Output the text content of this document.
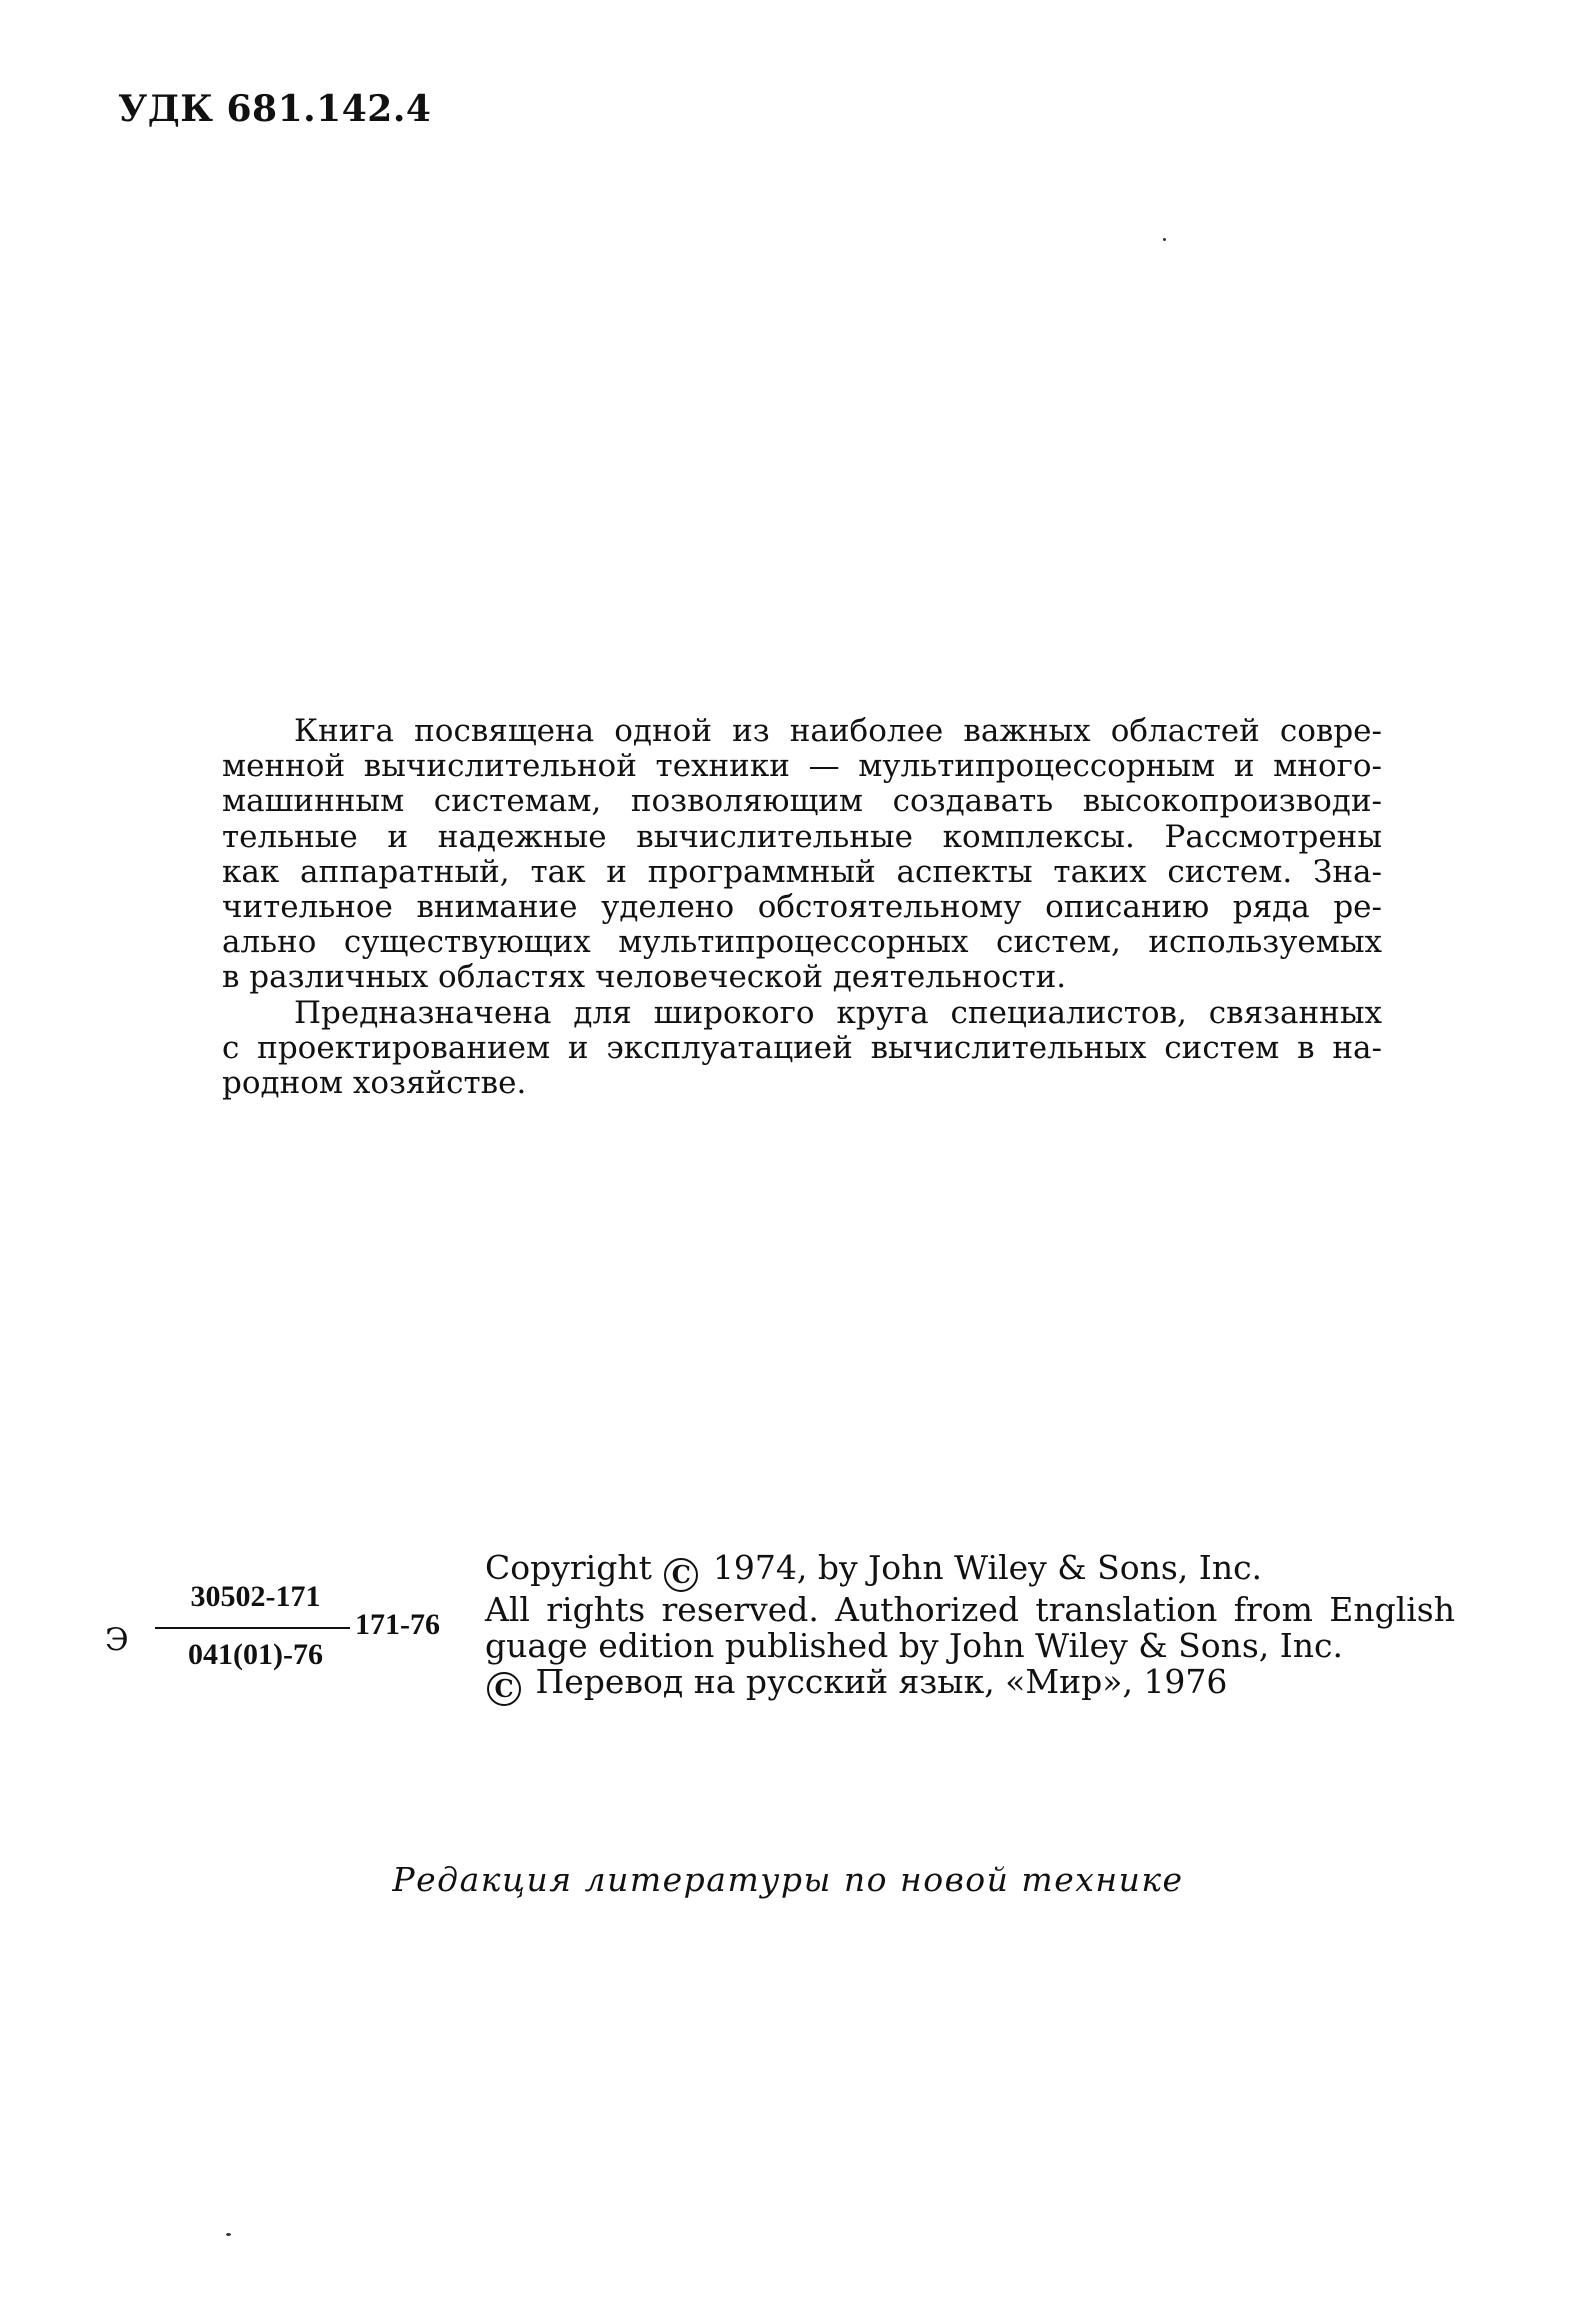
УДК 681.142.4
Книга посвящена одной из наиболее важных областей совре-
менной вычислительной техники — мультипроцессорным и много-
машинным системам, позволяющим создавать высокопроизводи-
тельные и надежные вычислительные комплексы. Рассмотрены
как аппаратный, так и программный аспекты таких систем. Зна-
чительное внимание уделено обстоятельному описанию ряда ре-
ально существующих мультипроцессорных систем, используемых
в различных областях человеческой деятельности.
Предназначена для широкого круга специалистов, связанных
с проектированием и эксплуатацией вычислительных систем в на-
родном хозяйстве.
Редакция литературы по новой технике
Э
30502-171
041(01)-76
171-76
Copyright C 1974, by John Wiley & Sons, Inc.
All rights reserved. Authorized translation from English
guage edition published by John Wiley & Sons, Inc.
C Перевод на русский язык, «Мир», 1976
